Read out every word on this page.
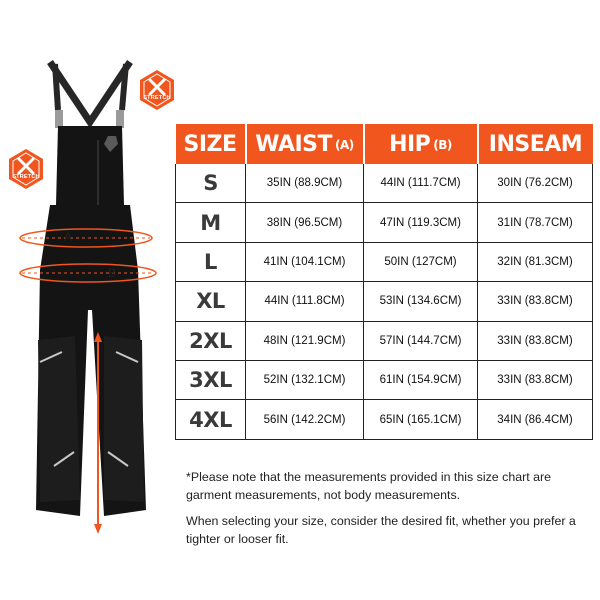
A
B
STRETCH
STRETCH
SIZE	WAIST (A)	HIP (B)	INSEAM
S	35IN (88.9CM)	44IN (111.7CM)	30IN (76.2CM)
M	38IN (96.5CM)	47IN (119.3CM)	31IN (78.7CM)
L	41IN (104.1CM)	50IN (127CM)	32IN (81.3CM)
XL	44IN (111.8CM)	53IN (134.6CM)	33IN (83.8CM)
2XL	48IN (121.9CM)	57IN (144.7CM)	33IN (83.8CM)
3XL	52IN (132.1CM)	61IN (154.9CM)	33IN (83.8CM)
4XL	56IN (142.2CM)	65IN (165.1CM)	34IN (86.4CM)

*Please note that the measurements provided in this size chart are garment measurements, not body measurements.

When selecting your size, consider the desired fit, whether you prefer a tighter or looser fit.
